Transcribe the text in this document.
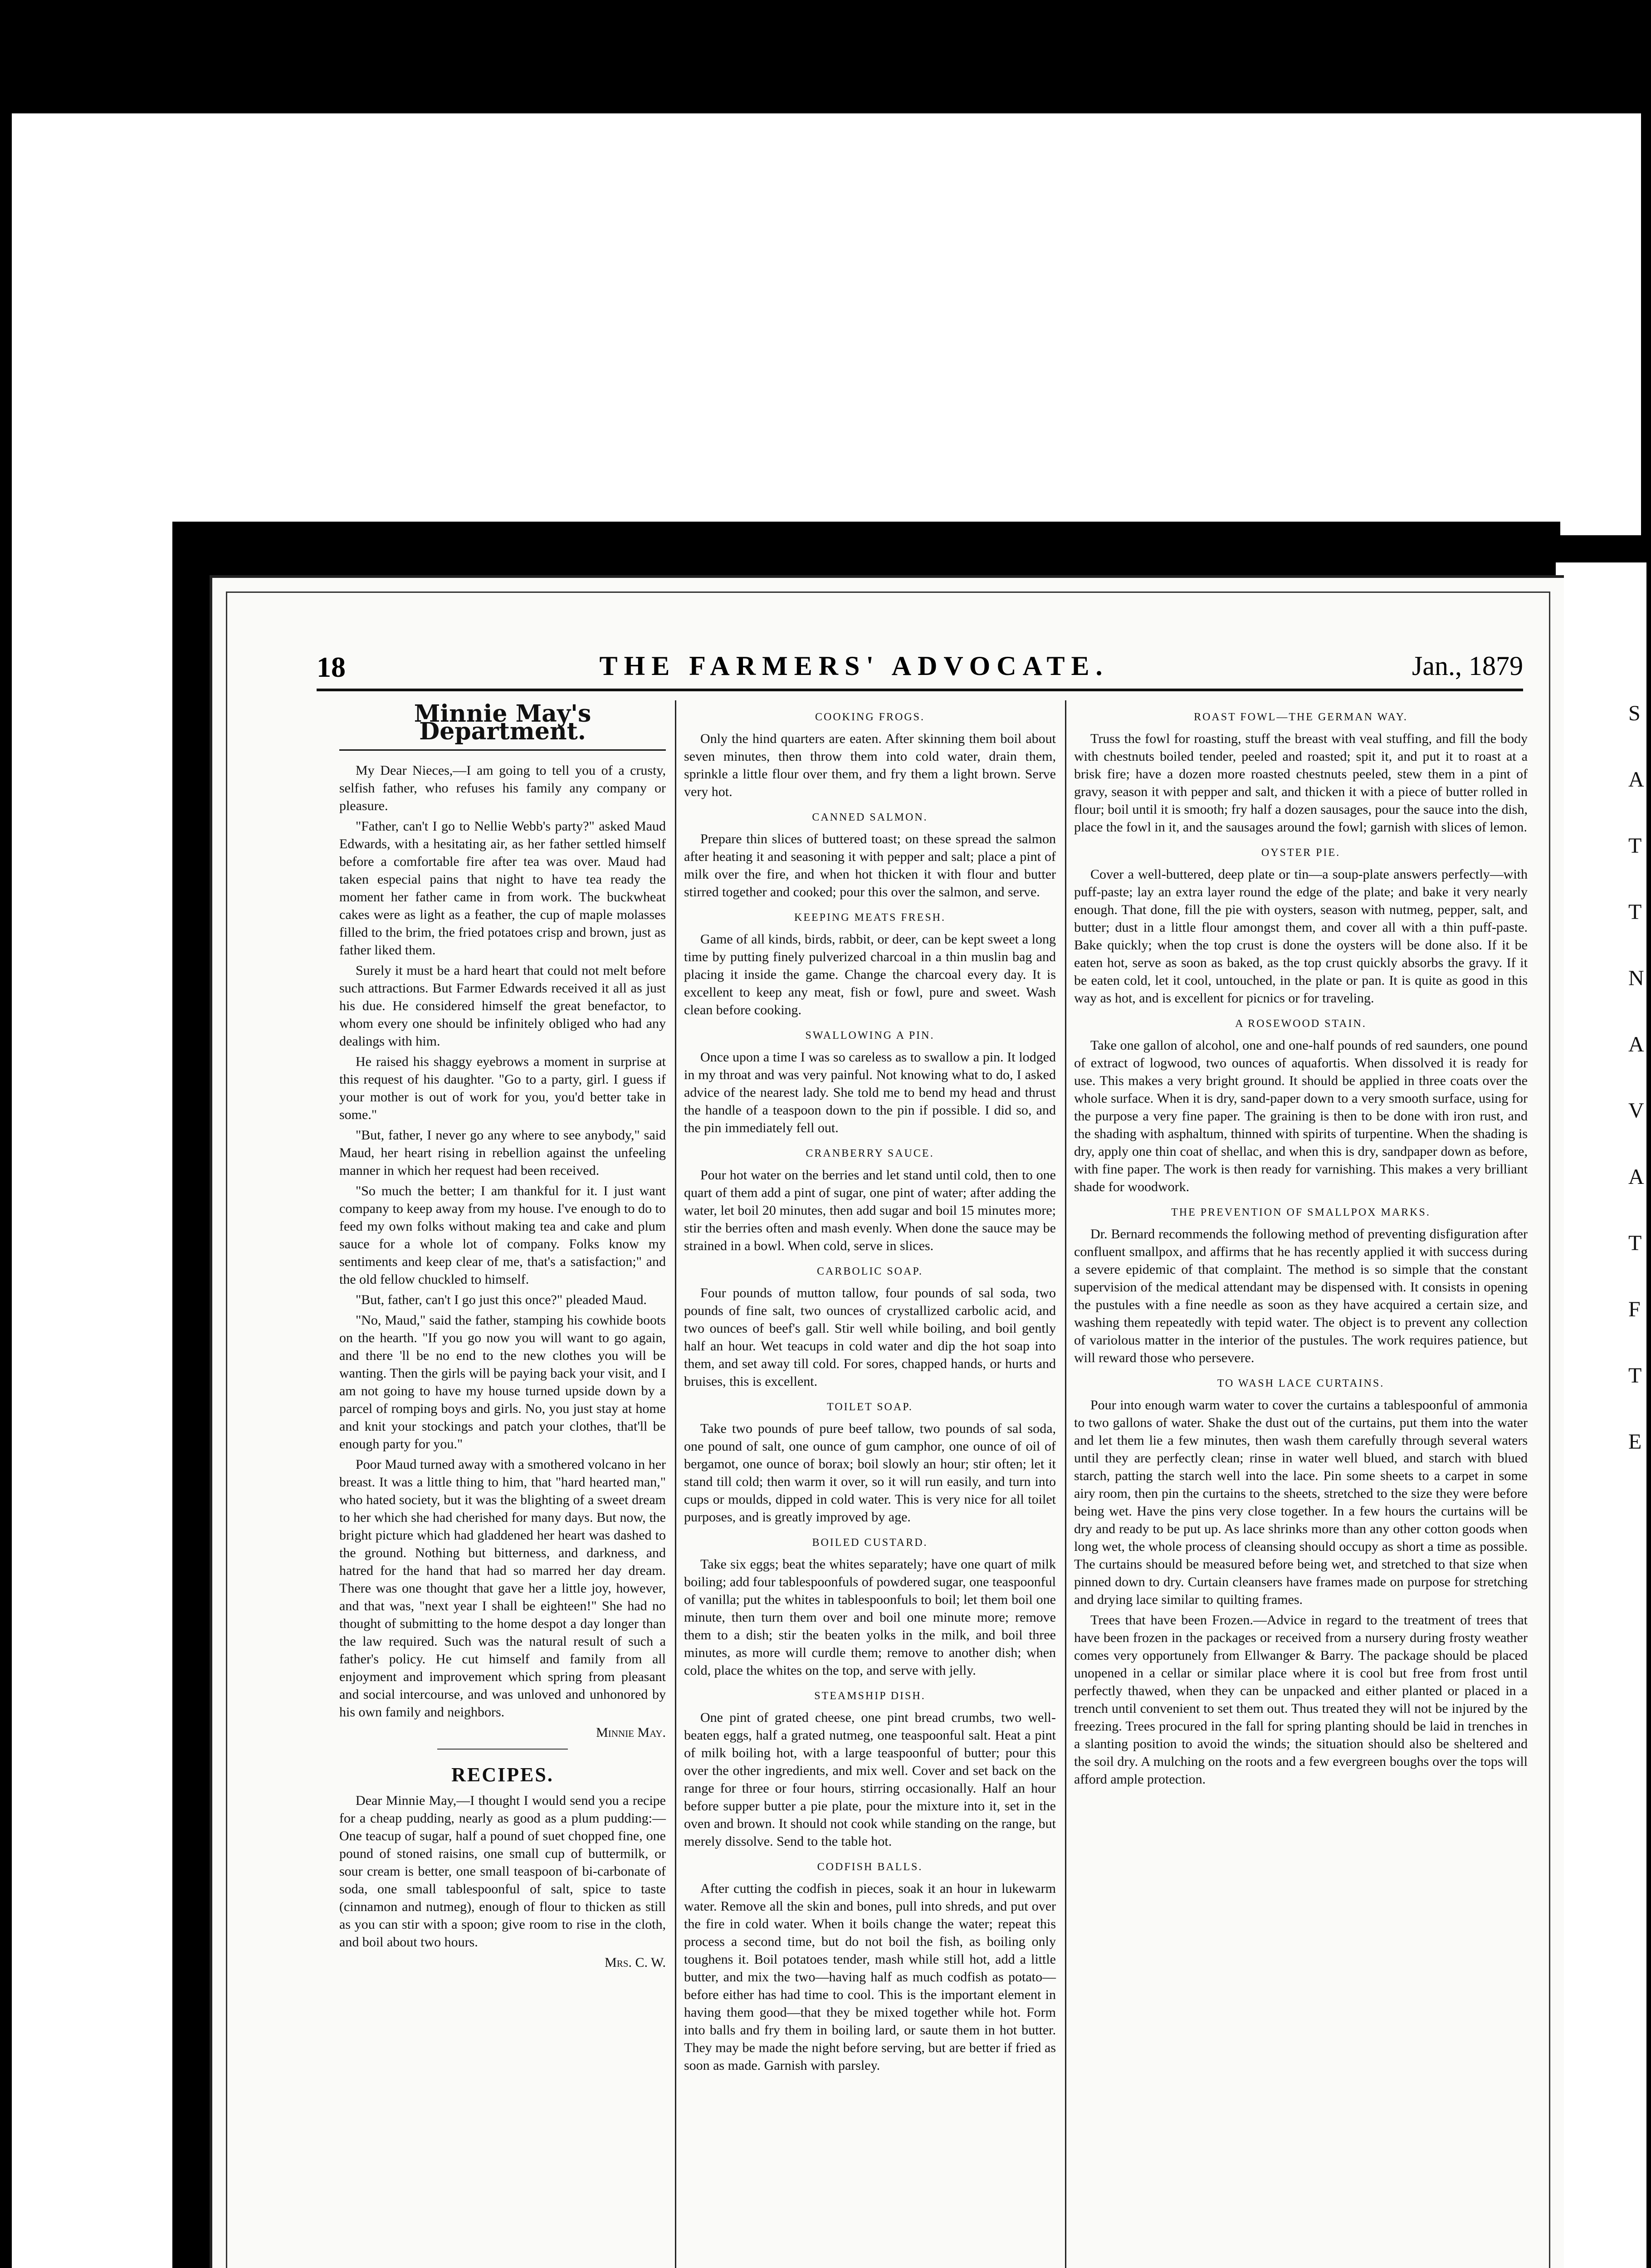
S
A
T
T
N
A
V
A
T
F
T
E
18	THE FARMERS' ADVOCATE.	Jan., 1879
Minnie May's Department.

My Dear Nieces,—I am going to tell you of a crusty, selfish father, who refuses his family any company or pleasure.

"Father, can't I go to Nellie Webb's party?" asked Maud Edwards, with a hesitating air, as her father settled himself before a comfortable fire after tea was over. Maud had taken especial pains that night to have tea ready the moment her father came in from work. The buckwheat cakes were as light as a feather, the cup of maple molasses filled to the brim, the fried potatoes crisp and brown, just as father liked them.

Surely it must be a hard heart that could not melt before such attractions. But Farmer Edwards received it all as just his due. He considered himself the great benefactor, to whom every one should be infinitely obliged who had any dealings with him.

He raised his shaggy eyebrows a moment in surprise at this request of his daughter. "Go to a party, girl. I guess if your mother is out of work for you, you'd better take in some."

"But, father, I never go any where to see anybody," said Maud, her heart rising in rebellion against the unfeeling manner in which her request had been received.

"So much the better; I am thankful for it. I just want company to keep away from my house. I've enough to do to feed my own folks without making tea and cake and plum sauce for a whole lot of company. Folks know my sentiments and keep clear of me, that's a satisfaction;" and the old fellow chuckled to himself.

"But, father, can't I go just this once?" pleaded Maud.

"No, Maud," said the father, stamping his cowhide boots on the hearth. "If you go now you will want to go again, and there 'll be no end to the new clothes you will be wanting. Then the girls will be paying back your visit, and I am not going to have my house turned upside down by a parcel of romping boys and girls. No, you just stay at home and knit your stockings and patch your clothes, that'll be enough party for you."

Poor Maud turned away with a smothered volcano in her breast. It was a little thing to him, that "hard hearted man," who hated society, but it was the blighting of a sweet dream to her which she had cherished for many days. But now, the bright picture which had gladdened her heart was dashed to the ground. Nothing but bitterness, and darkness, and hatred for the hand that had so marred her day dream. There was one thought that gave her a little joy, however, and that was, "next year I shall be eighteen!" She had no thought of submitting to the home despot a day longer than the law required. Such was the natural result of such a father's policy. He cut himself and family from all enjoyment and improvement which spring from pleasant and social intercourse, and was unloved and unhonored by his own family and neighbors.

Minnie May.
RECIPES.

Dear Minnie May,—I thought I would send you a recipe for a cheap pudding, nearly as good as a plum pudding:—One teacup of sugar, half a pound of suet chopped fine, one pound of stoned raisins, one small cup of buttermilk, or sour cream is better, one small teaspoon of bi-carbonate of soda, one small tablespoonful of salt, spice to taste (cinnamon and nutmeg), enough of flour to thicken as still as you can stir with a spoon; give room to rise in the cloth, and boil about two hours.

Mrs. C. W.
COOKING FROGS.

Only the hind quarters are eaten. After skinning them boil about seven minutes, then throw them into cold water, drain them, sprinkle a little flour over them, and fry them a light brown. Serve very hot.

CANNED SALMON.

Prepare thin slices of buttered toast; on these spread the salmon after heating it and seasoning it with pepper and salt; place a pint of milk over the fire, and when hot thicken it with flour and butter stirred together and cooked; pour this over the salmon, and serve.

KEEPING MEATS FRESH.

Game of all kinds, birds, rabbit, or deer, can be kept sweet a long time by putting finely pulverized charcoal in a thin muslin bag and placing it inside the game. Change the charcoal every day. It is excellent to keep any meat, fish or fowl, pure and sweet. Wash clean before cooking.

SWALLOWING A PIN.

Once upon a time I was so careless as to swallow a pin. It lodged in my throat and was very painful. Not knowing what to do, I asked advice of the nearest lady. She told me to bend my head and thrust the handle of a teaspoon down to the pin if possible. I did so, and the pin immediately fell out.

CRANBERRY SAUCE.

Pour hot water on the berries and let stand until cold, then to one quart of them add a pint of sugar, one pint of water; after adding the water, let boil 20 minutes, then add sugar and boil 15 minutes more; stir the berries often and mash evenly. When done the sauce may be strained in a bowl. When cold, serve in slices.

CARBOLIC SOAP.

Four pounds of mutton tallow, four pounds of sal soda, two pounds of fine salt, two ounces of crystallized carbolic acid, and two ounces of beef's gall. Stir well while boiling, and boil gently half an hour. Wet teacups in cold water and dip the hot soap into them, and set away till cold. For sores, chapped hands, or hurts and bruises, this is excellent.

TOILET SOAP.

Take two pounds of pure beef tallow, two pounds of sal soda, one pound of salt, one ounce of gum camphor, one ounce of oil of bergamot, one ounce of borax; boil slowly an hour; stir often; let it stand till cold; then warm it over, so it will run easily, and turn into cups or moulds, dipped in cold water. This is very nice for all toilet purposes, and is greatly improved by age.

BOILED CUSTARD.

Take six eggs; beat the whites separately; have one quart of milk boiling; add four tablespoonfuls of powdered sugar, one teaspoonful of vanilla; put the whites in tablespoonfuls to boil; let them boil one minute, then turn them over and boil one minute more; remove them to a dish; stir the beaten yolks in the milk, and boil three minutes, as more will curdle them; remove to another dish; when cold, place the whites on the top, and serve with jelly.

STEAMSHIP DISH.

One pint of grated cheese, one pint bread crumbs, two well-beaten eggs, half a grated nutmeg, one teaspoonful salt. Heat a pint of milk boiling hot, with a large teaspoonful of butter; pour this over the other ingredients, and mix well. Cover and set back on the range for three or four hours, stirring occasionally. Half an hour before supper butter a pie plate, pour the mixture into it, set in the oven and brown. It should not cook while standing on the range, but merely dissolve. Send to the table hot.

CODFISH BALLS.

After cutting the codfish in pieces, soak it an hour in lukewarm water. Remove all the skin and bones, pull into shreds, and put over the fire in cold water. When it boils change the water; repeat this process a second time, but do not boil the fish, as boiling only toughens it. Boil potatoes tender, mash while still hot, add a little butter, and mix the two—having half as much codfish as potato—before either has had time to cool. This is the important element in having them good—that they be mixed together while hot. Form into balls and fry them in boiling lard, or saute them in hot butter. They may be made the night before serving, but are better if fried as soon as made. Garnish with parsley.

ROAST FOWL—THE GERMAN WAY.

Truss the fowl for roasting, stuff the breast with veal stuffing, and fill the body with chestnuts boiled tender, peeled and roasted; spit it, and put it to roast at a brisk fire; have a dozen more roasted chestnuts peeled, stew them in a pint of gravy, season it with pepper and salt, and thicken it with a piece of butter rolled in flour; boil until it is smooth; fry half a dozen sausages, pour the sauce into the dish, place the fowl in it, and the sausages around the fowl; garnish with slices of lemon.

OYSTER PIE.

Cover a well-buttered, deep plate or tin—a soup-plate answers perfectly—with puff-paste; lay an extra layer round the edge of the plate; and bake it very nearly enough. That done, fill the pie with oysters, season with nutmeg, pepper, salt, and butter; dust in a little flour amongst them, and cover all with a thin puff-paste. Bake quickly; when the top crust is done the oysters will be done also. If it be eaten hot, serve as soon as baked, as the top crust quickly absorbs the gravy. If it be eaten cold, let it cool, untouched, in the plate or pan. It is quite as good in this way as hot, and is excellent for picnics or for traveling.

A ROSEWOOD STAIN.

Take one gallon of alcohol, one and one-half pounds of red saunders, one pound of extract of logwood, two ounces of aquafortis. When dissolved it is ready for use. This makes a very bright ground. It should be applied in three coats over the whole surface. When it is dry, sand-paper down to a very smooth surface, using for the purpose a very fine paper. The graining is then to be done with iron rust, and the shading with asphaltum, thinned with spirits of turpentine. When the shading is dry, apply one thin coat of shellac, and when this is dry, sandpaper down as before, with fine paper. The work is then ready for varnishing. This makes a very brilliant shade for woodwork.

THE PREVENTION OF SMALLPOX MARKS.

Dr. Bernard recommends the following method of preventing disfiguration after confluent smallpox, and affirms that he has recently applied it with success during a severe epidemic of that complaint. The method is so simple that the constant supervision of the medical attendant may be dispensed with. It consists in opening the pustules with a fine needle as soon as they have acquired a certain size, and washing them repeatedly with tepid water. The object is to prevent any collection of variolous matter in the interior of the pustules. The work requires patience, but will reward those who persevere.

TO WASH LACE CURTAINS.

Pour into enough warm water to cover the curtains a tablespoonful of ammonia to two gallons of water. Shake the dust out of the curtains, put them into the water and let them lie a few minutes, then wash them carefully through several waters until they are perfectly clean; rinse in water well blued, and starch with blued starch, patting the starch well into the lace. Pin some sheets to a carpet in some airy room, then pin the curtains to the sheets, stretched to the size they were before being wet. Have the pins very close together. In a few hours the curtains will be dry and ready to be put up. As lace shrinks more than any other cotton goods when long wet, the whole process of cleansing should occupy as short a time as possible. The curtains should be measured before being wet, and stretched to that size when pinned down to dry. Curtain cleansers have frames made on purpose for stretching and drying lace similar to quilting frames.

Trees that have been Frozen.—Advice in regard to the treatment of trees that have been frozen in the packages or received from a nursery during frosty weather comes very opportunely from Ellwanger & Barry. The package should be placed unopened in a cellar or similar place where it is cool but free from frost until perfectly thawed, when they can be unpacked and either planted or placed in a trench until convenient to set them out. Thus treated they will not be injured by the freezing. Trees procured in the fall for spring planting should be laid in trenches in a slanting position to avoid the winds; the situation should also be sheltered and the soil dry. A mulching on the roots and a few evergreen boughs over the tops will afford ample protection.
